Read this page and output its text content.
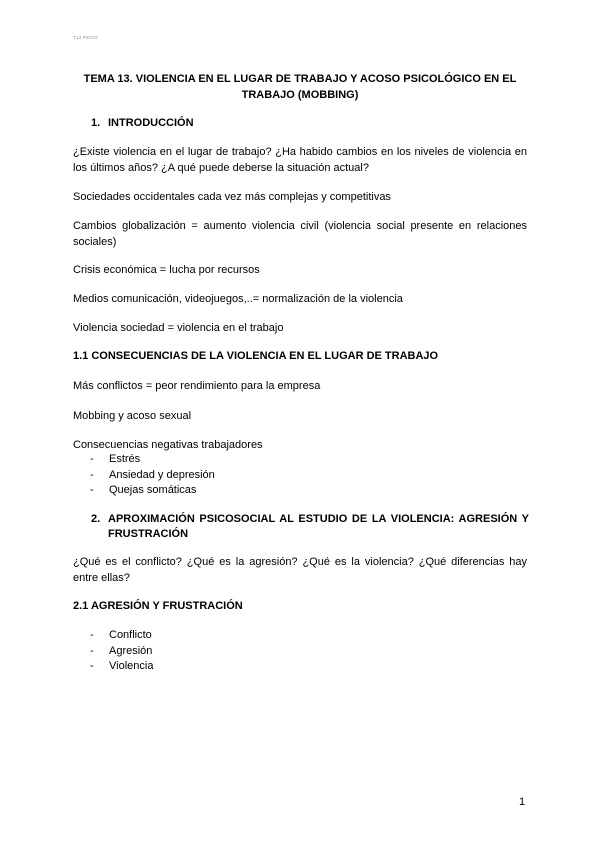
T13 PSICO
TEMA 13. VIOLENCIA EN EL LUGAR DE TRABAJO Y ACOSO PSICOLÓGICO EN EL TRABAJO (MOBBING)
1. INTRODUCCIÓN
¿Existe violencia en el lugar de trabajo? ¿Ha habido cambios en los niveles de violencia en los últimos años? ¿A qué puede deberse la situación actual?
Sociedades occidentales cada vez más complejas y competitivas
Cambios globalización = aumento violencia civil (violencia social presente en relaciones sociales)
Crisis económica = lucha por recursos
Medios comunicación, videojuegos,..= normalización de la violencia
Violencia sociedad = violencia en el trabajo
1.1 CONSECUENCIAS DE LA VIOLENCIA EN EL LUGAR DE TRABAJO
Más conflictos = peor rendimiento para la empresa
Mobbing y acoso sexual
Consecuencias negativas trabajadores
- Estrés
- Ansiedad y depresión
- Quejas somáticas
2. APROXIMACIÓN PSICOSOCIAL AL ESTUDIO DE LA VIOLENCIA: AGRESIÓN Y FRUSTRACIÓN
¿Qué es el conflicto? ¿Qué es la agresión? ¿Qué es la violencia? ¿Qué diferencias hay entre ellas?
2.1 AGRESIÓN Y FRUSTRACIÓN
- Conflicto
- Agresión
- Violencia
1
